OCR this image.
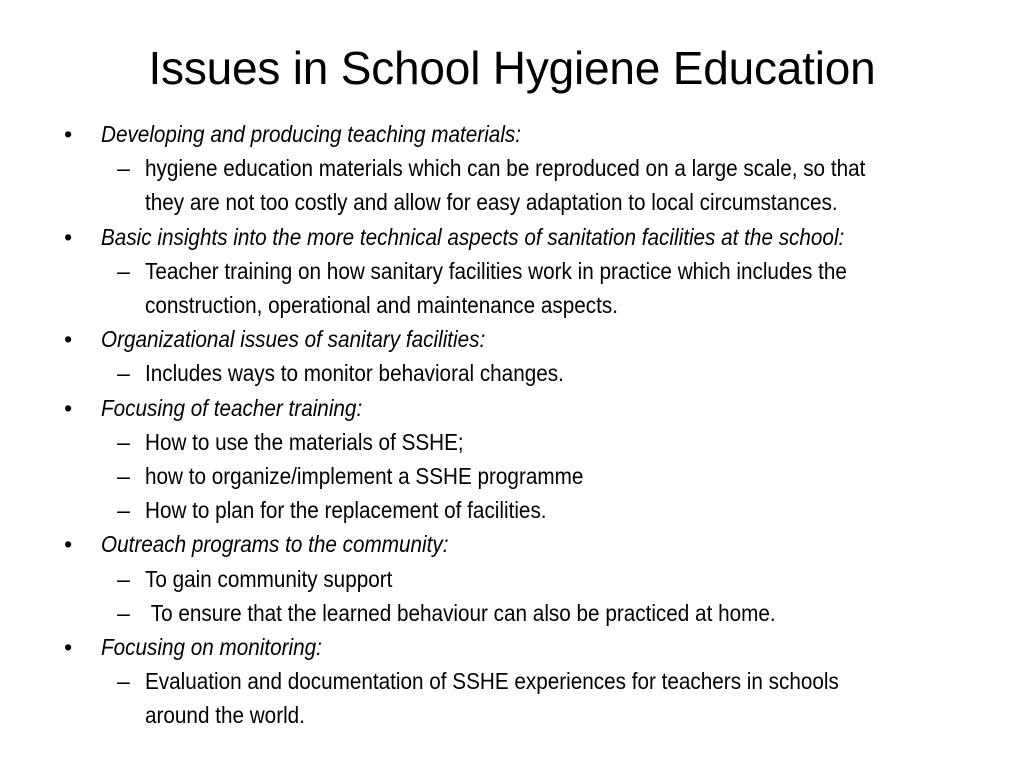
Issues in School Hygiene Education
• Developing and producing teaching materials:
– hygiene education materials which can be reproduced on a large scale, so that
they are not too costly and allow for easy adaptation to local circumstances.
• Basic insights into the more technical aspects of sanitation facilities at the school:
– Teacher training on how sanitary facilities work in practice which includes the
construction, operational and maintenance aspects.
• Organizational issues of sanitary facilities:
– Includes ways to monitor behavioral changes.
• Focusing of teacher training:
– How to use the materials of SSHE;
– how to organize/implement a SSHE programme
– How to plan for the replacement of facilities.
• Outreach programs to the community:
– To gain community support
– To ensure that the learned behaviour can also be practiced at home.
• Focusing on monitoring:
– Evaluation and documentation of SSHE experiences for teachers in schools
around the world.
